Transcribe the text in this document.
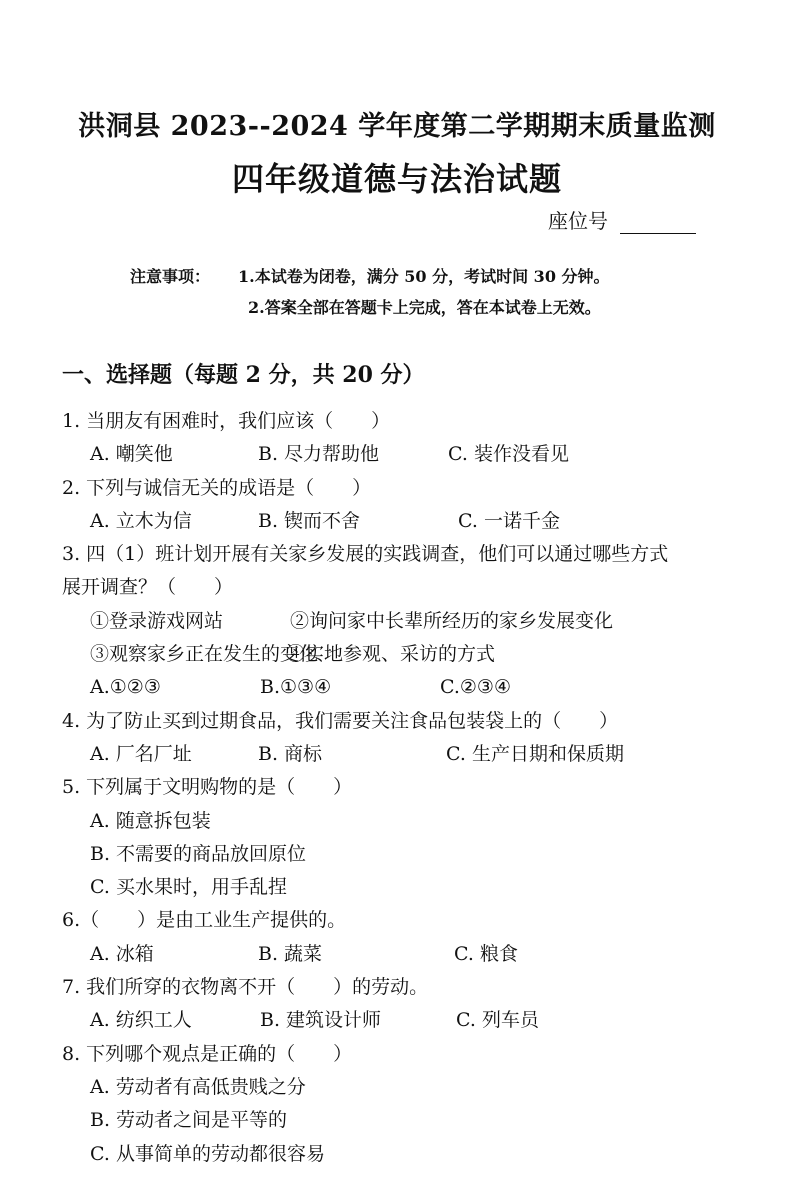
洪洞县 2023--2024 学年度第二学期期末质量监测
四年级道德与法治试题
座位号
注意事项：	1.本试卷为闭卷，满分 50 分，考试时间 30 分钟。
2.答案全部在答题卡上完成，答在本试卷上无效。
一、选择题（每题 2 分，共 20 分）
1. 当朋友有困难时，我们应该（　　）
A. 嘲笑他	B. 尽力帮助他	C. 装作没看见
2. 下列与诚信无关的成语是（　　）
A. 立木为信	B. 锲而不舍	C. 一诺千金
3. 四（1）班计划开展有关家乡发展的实践调查，他们可以通过哪些方式
展开调查？（　　）
①登录游戏网站	②询问家中长辈所经历的家乡发展变化
③观察家乡正在发生的变化④实地参观、采访的方式
A.①②③	B.①③④	C.②③④
4. 为了防止买到过期食品，我们需要关注食品包装袋上的（　　）
A. 厂名厂址	B. 商标	C. 生产日期和保质期
5. 下列属于文明购物的是（　　）
A. 随意拆包装
B. 不需要的商品放回原位
C. 买水果时，用手乱捏
6.（　　）是由工业生产提供的。
A. 冰箱	B. 蔬菜	C. 粮食
7. 我们所穿的衣物离不开（　　）的劳动。
A. 纺织工人	B. 建筑设计师	C. 列车员
8. 下列哪个观点是正确的（　　）
A. 劳动者有高低贵贱之分
B. 劳动者之间是平等的
C. 从事简单的劳动都很容易
